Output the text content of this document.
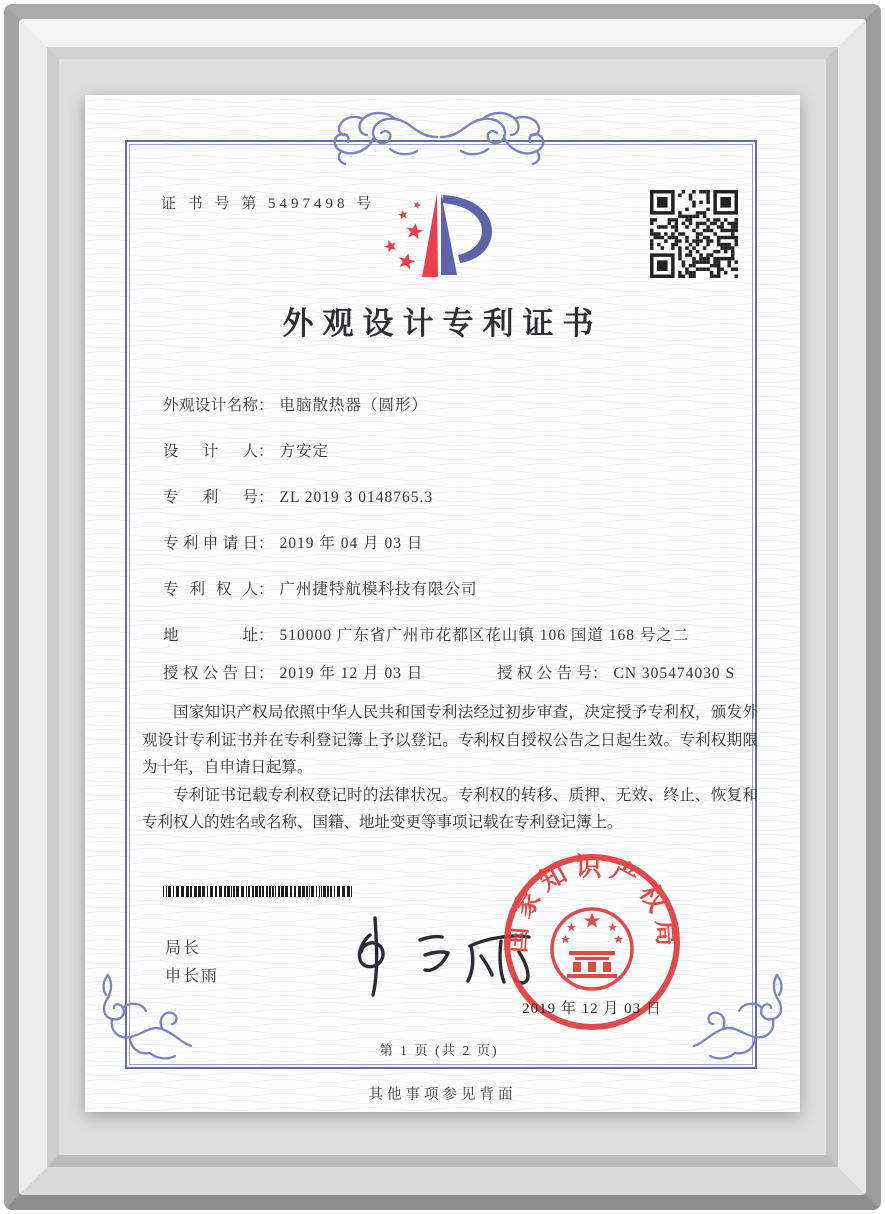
证 书 号 第 5497498 号
外观设计专利证书
外观设计名称： 电脑散热器（圆形）
设计人： 方安定
专利号： ZL 2019 3 0148765.3
专利申请日： 2019 年 04 月 03 日
专利权人： 广州捷特航模科技有限公司
地址： 510000 广东省广州市花都区花山镇 106 国道 168 号之二
授权公告日： 2019 年 12 月 03 日	授权公告号： CN 305474030 S

国家知识产权局依照中华人民共和国专利法经过初步审查，决定授予专利权，颁发外观设计专利证书并在专利登记簿上予以登记。专利权自授权公告之日起生效。专利权期限为十年，自申请日起算。

专利证书记载专利权登记时的法律状况。专利权的转移、质押、无效、终止、恢复和专利权人的姓名或名称、国籍、地址变更等事项记载在专利登记簿上。

局长
申长雨
国家知识产权局
2019 年 12 月 03 日
第 1 页 (共 2 页)
其他事项参见背面
